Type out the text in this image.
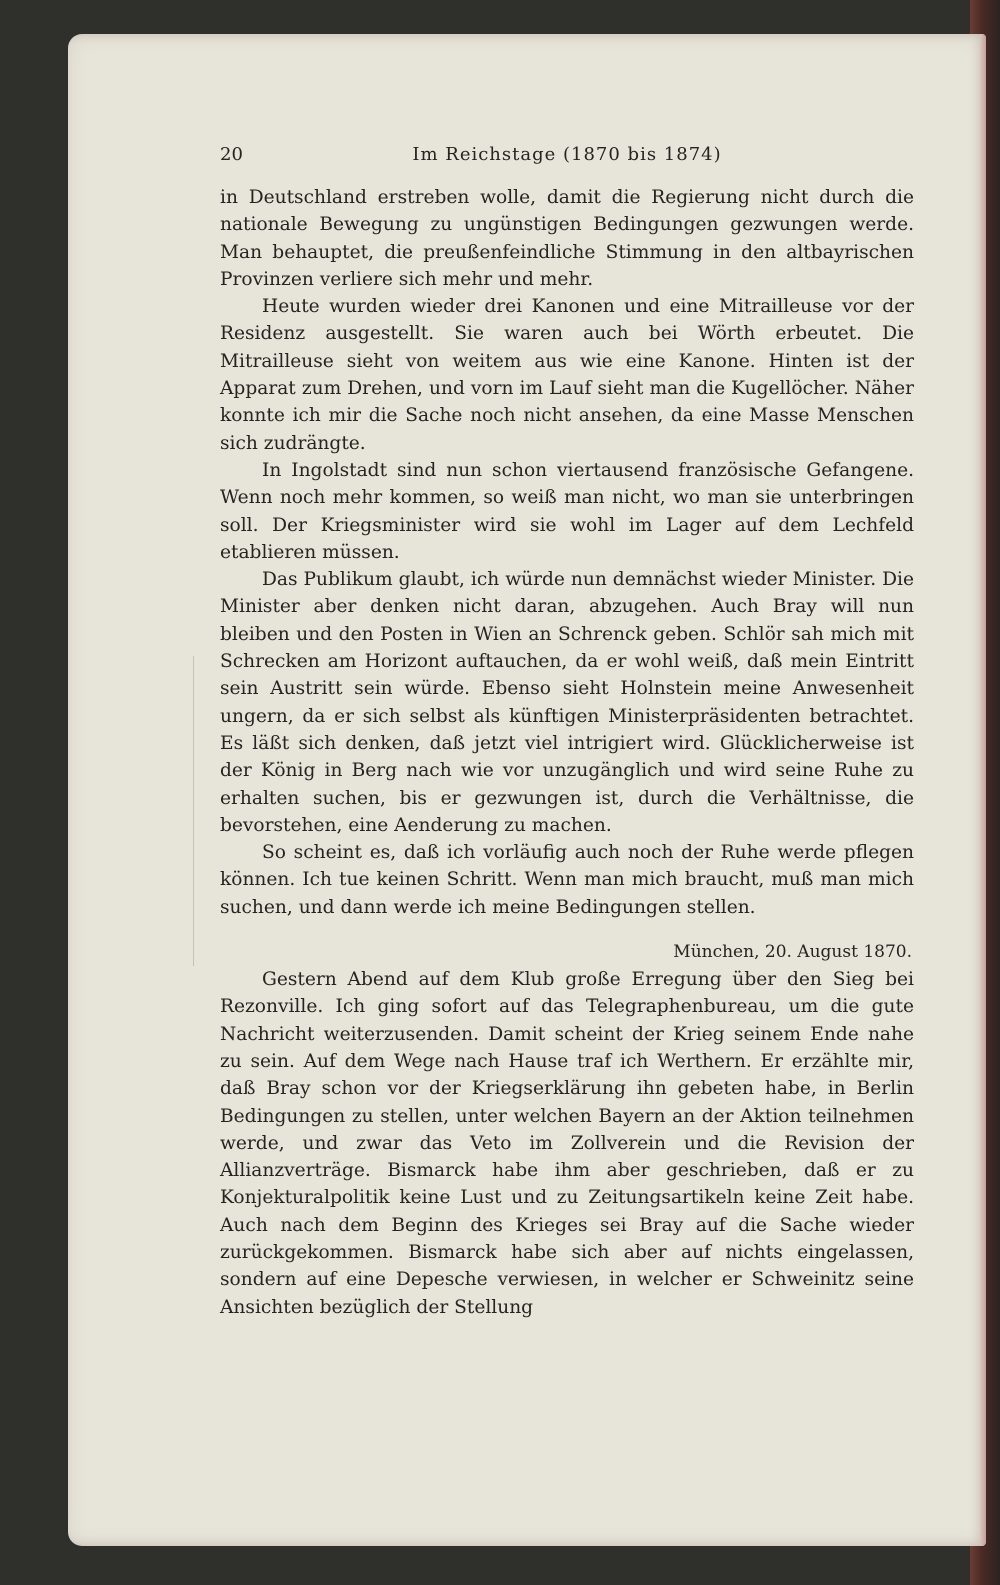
20	Im Reichstage (1870 bis 1874)

in Deutschland erstreben wolle, damit die Regierung nicht durch die nationale Bewegung zu ungünstigen Bedingungen gezwungen werde. Man behauptet, die preußenfeindliche Stimmung in den altbayrischen Provinzen verliere sich mehr und mehr.

Heute wurden wieder drei Kanonen und eine Mitrailleuse vor der Residenz ausgestellt. Sie waren auch bei Wörth erbeutet. Die Mitrailleuse sieht von weitem aus wie eine Kanone. Hinten ist der Apparat zum Drehen, und vorn im Lauf sieht man die Kugellöcher. Näher konnte ich mir die Sache noch nicht ansehen, da eine Masse Menschen sich zudrängte.

In Ingolstadt sind nun schon viertausend französische Gefangene. Wenn noch mehr kommen, so weiß man nicht, wo man sie unterbringen soll. Der Kriegsminister wird sie wohl im Lager auf dem Lechfeld etablieren müssen.

Das Publikum glaubt, ich würde nun demnächst wieder Minister. Die Minister aber denken nicht daran, abzugehen. Auch Bray will nun bleiben und den Posten in Wien an Schrenck geben. Schlör sah mich mit Schrecken am Horizont auftauchen, da er wohl weiß, daß mein Eintritt sein Austritt sein würde. Ebenso sieht Holnstein meine Anwesenheit ungern, da er sich selbst als künftigen Ministerpräsidenten betrachtet. Es läßt sich denken, daß jetzt viel intrigiert wird. Glücklicherweise ist der König in Berg nach wie vor unzugänglich und wird seine Ruhe zu erhalten suchen, bis er gezwungen ist, durch die Verhältnisse, die bevorstehen, eine Aenderung zu machen.

So scheint es, daß ich vorläufig auch noch der Ruhe werde pflegen können. Ich tue keinen Schritt. Wenn man mich braucht, muß man mich suchen, und dann werde ich meine Bedingungen stellen.

München, 20. August 1870.

Gestern Abend auf dem Klub große Erregung über den Sieg bei Rezonville. Ich ging sofort auf das Telegraphenbureau, um die gute Nachricht weiterzusenden. Damit scheint der Krieg seinem Ende nahe zu sein. Auf dem Wege nach Hause traf ich Werthern. Er erzählte mir, daß Bray schon vor der Kriegserklärung ihn gebeten habe, in Berlin Bedingungen zu stellen, unter welchen Bayern an der Aktion teilnehmen werde, und zwar das Veto im Zollverein und die Revision der Allianzverträge. Bismarck habe ihm aber geschrieben, daß er zu Konjekturalpolitik keine Lust und zu Zeitungsartikeln keine Zeit habe. Auch nach dem Beginn des Krieges sei Bray auf die Sache wieder zurückgekommen. Bismarck habe sich aber auf nichts eingelassen, sondern auf eine Depesche verwiesen, in welcher er Schweinitz seine Ansichten bezüglich der Stellung
